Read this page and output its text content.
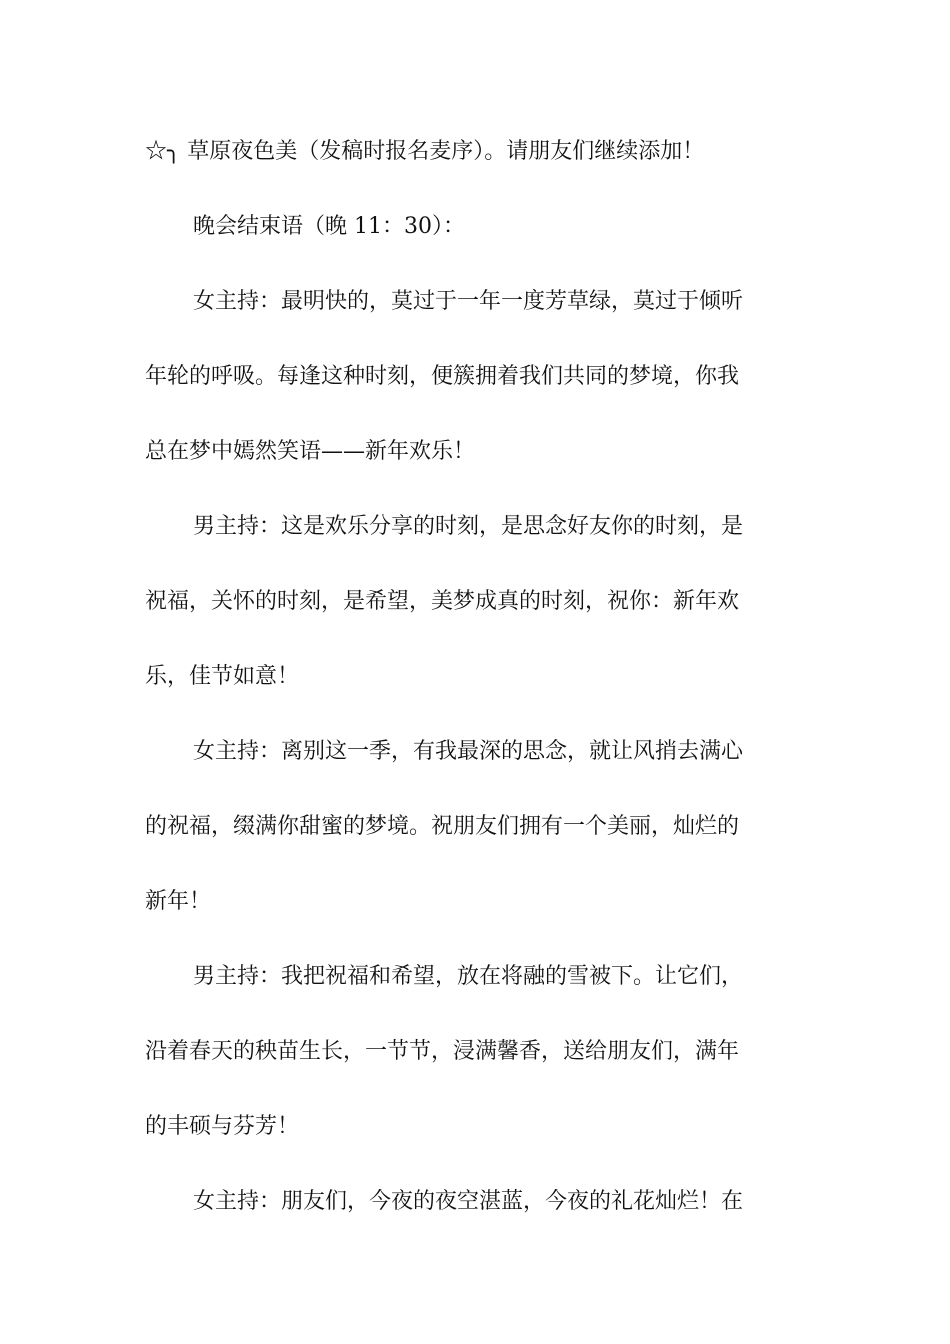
☆╮ 草原夜色美（发稿时报名麦序）。请朋友们继续添加！
晚会结束语（晚 11：30）：
女主持：最明快的，莫过于一年一度芳草绿，莫过于倾听
年轮的呼吸。每逢这种时刻，便簇拥着我们共同的梦境，你我
总在梦中嫣然笑语——新年欢乐！
男主持：这是欢乐分享的时刻，是思念好友你的时刻，是
祝福，关怀的时刻，是希望，美梦成真的时刻，祝你：新年欢
乐，佳节如意！
女主持：离别这一季，有我最深的思念，就让风捎去满心
的祝福，缀满你甜蜜的梦境。祝朋友们拥有一个美丽，灿烂的
新年！
男主持：我把祝福和希望，放在将融的雪被下。让它们，
沿着春天的秧苗生长，一节节，浸满馨香，送给朋友们，满年
的丰硕与芬芳！
女主持：朋友们，今夜的夜空湛蓝，今夜的礼花灿烂！在
